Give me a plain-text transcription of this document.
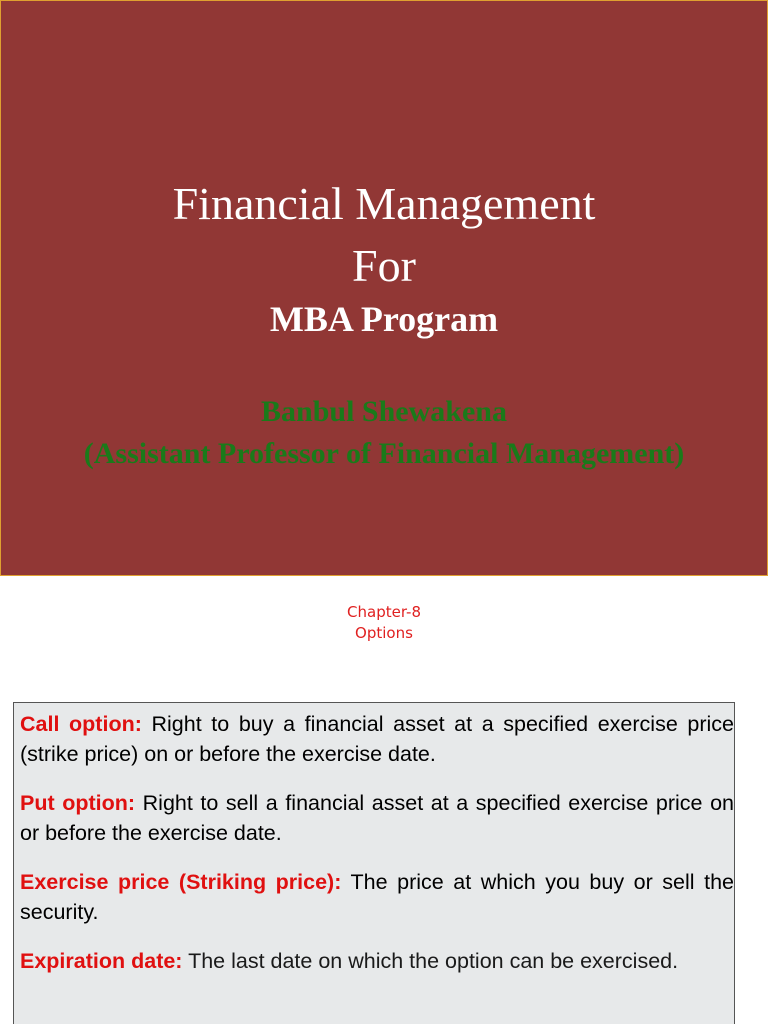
Financial Management
For
MBA Program
Banbul Shewakena
(Assistant Professor of Financial Management)
Chapter-8
Options

Call option: Right to buy a financial asset at a specified exercise price (strike price) on or before the exercise date.

Put option: Right to sell a financial asset at a specified exercise price on or before the exercise date.

Exercise price (Striking price): The price at which you buy or sell the security.

Expiration date: The last date on which the option can be exercised.
